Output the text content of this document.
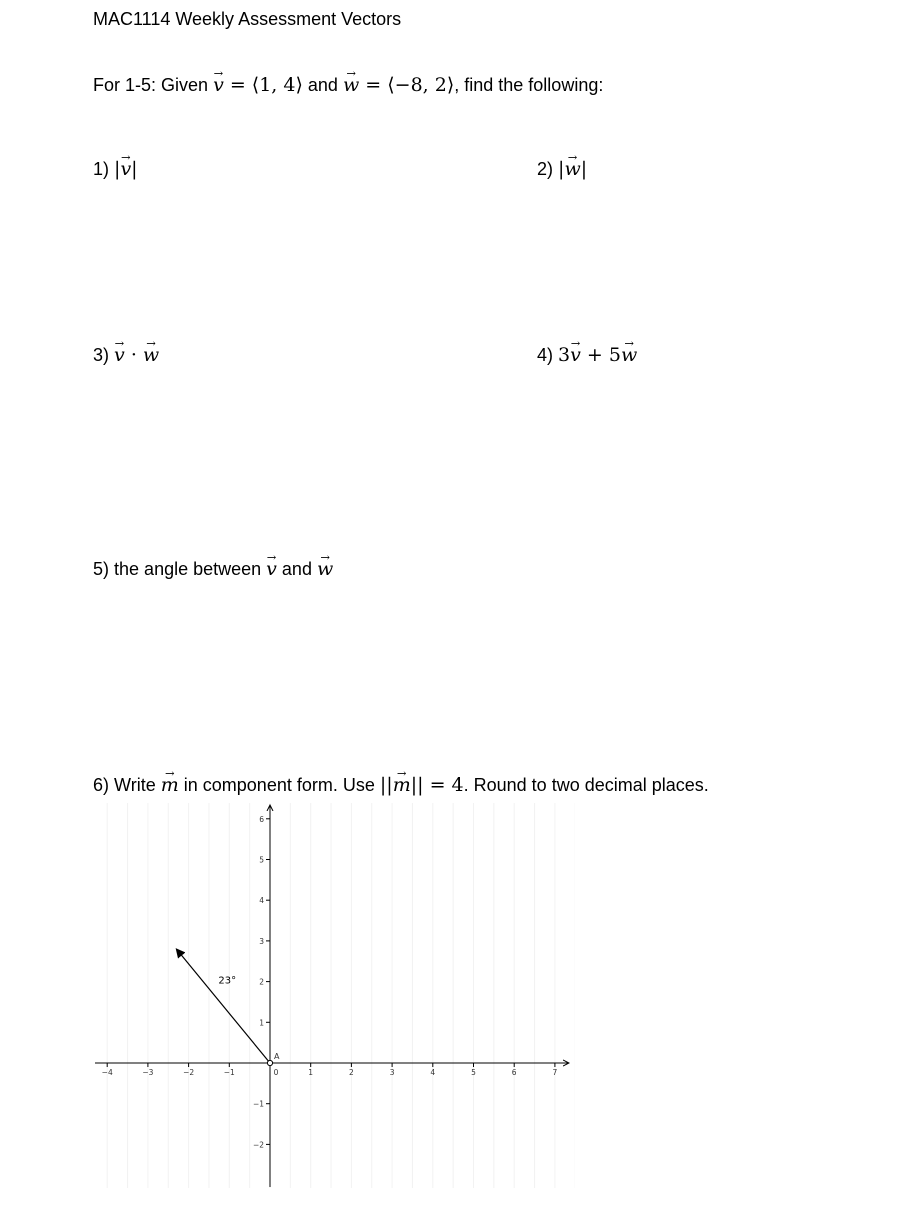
MAC1114 Weekly Assessment Vectors
For 1-5: Given → v = ⟨1, 4⟩ and → w = ⟨−8, 2⟩, find the following:
1) |→ v|	2) |→ w|
3) → v · → w	4) 3→ v + 5→ w
5) the angle between → v and → w
6) Write → m in component form. Use ||→ m|| = 4. Round to two decimal places.
−4	−3	−2	−1	0	1	2	3	4	5	6	7
−2
−1
1
2
3
4
5
6
A
23°
